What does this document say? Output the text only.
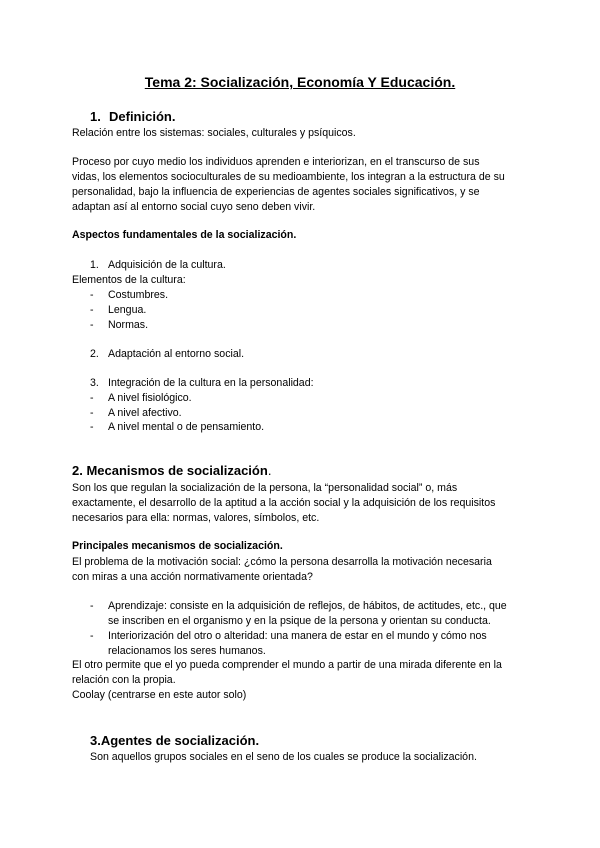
Tema 2: Socialización, Economía Y Educación.
1. Definición.
Relación entre los sistemas: sociales, culturales y psíquicos.
Proceso por cuyo medio los individuos aprenden e interiorizan, en el transcurso de sus
vidas, los elementos socioculturales de su medioambiente, los integran a la estructura de su
personalidad, bajo la influencia de experiencias de agentes sociales significativos, y se
adaptan así al entorno social cuyo seno deben vivir.
Aspectos fundamentales de la socialización.
1. Adquisición de la cultura.
Elementos de la cultura:
- Costumbres.
- Lengua.
- Normas.
2. Adaptación al entorno social.
3. Integración de la cultura en la personalidad:
- A nivel fisiológico.
- A nivel afectivo.
- A nivel mental o de pensamiento.
2. Mecanismos de socialización.
Son los que regulan la socialización de la persona, la “personalidad social” o, más
exactamente, el desarrollo de la aptitud a la acción social y la adquisición de los requisitos
necesarios para ella: normas, valores, símbolos, etc.
Principales mecanismos de socialización.
El problema de la motivación social: ¿cómo la persona desarrolla la motivación necesaria
con miras a una acción normativamente orientada?
- Aprendizaje: consiste en la adquisición de reflejos, de hábitos, de actitudes, etc., que
se inscriben en el organismo y en la psique de la persona y orientan su conducta.
- Interiorización del otro o alteridad: una manera de estar en el mundo y cómo nos
relacionamos los seres humanos.
El otro permite que el yo pueda comprender el mundo a partir de una mirada diferente en la
relación con la propia.
Coolay (centrarse en este autor solo)
3.Agentes de socialización.
Son aquellos grupos sociales en el seno de los cuales se produce la socialización.
